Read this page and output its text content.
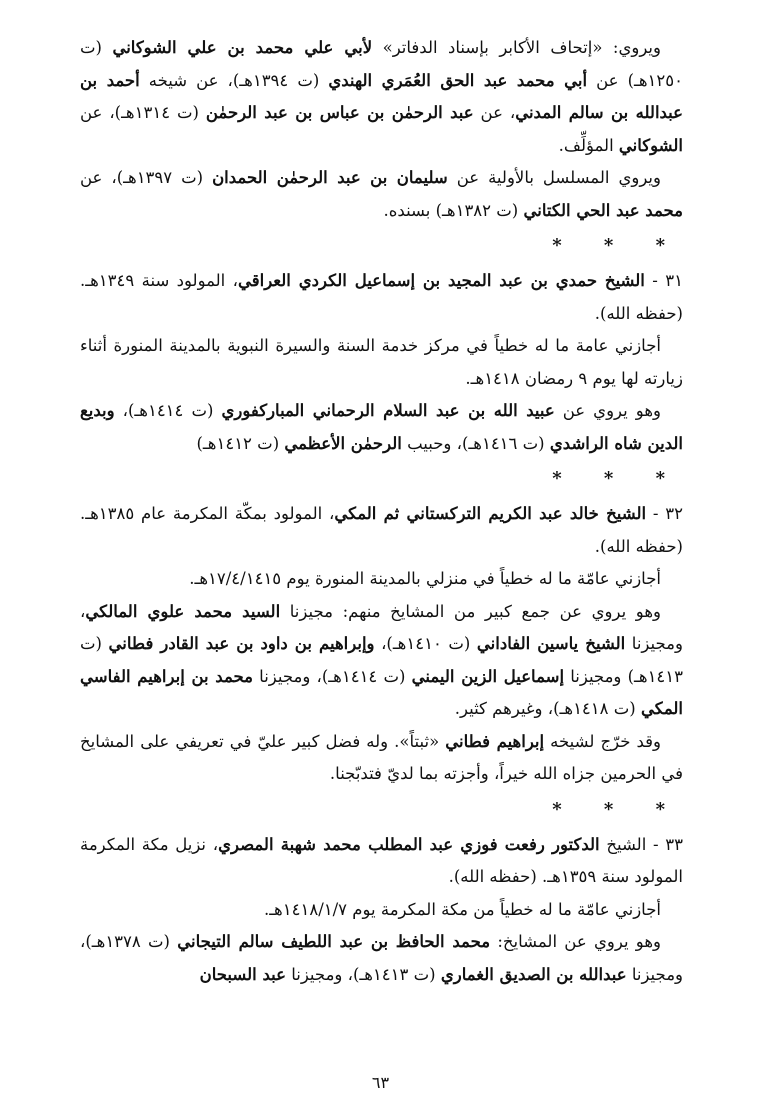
ويروي: «إتحاف الأكابر بإسناد الدفاتر» لأبي علي محمد بن علي الشوكاني (ت ١٢٥٠هـ) عن أبي محمد عبد الحق العُمَري الهندي (ت ١٣٩٤هـ)، عن شيخه أحمد بن عبدالله بن سالم المدني، عن عبد الرحمٰن بن عباس بن عبد الرحمٰن (ت ١٣١٤هـ)، عن الشوكاني المؤلِّف.

ويروي المسلسل بالأولية عن سليمان بن عبد الرحمٰن الحمدان (ت ١٣٩٧هـ)، عن محمد عبد الحي الكتاني (ت ١٣٨٢هـ) بسنده.

* * *

٣١ - الشيخ حمدي بن عبد المجيد بن إسماعيل الكردي العراقي، المولود سنة ١٣٤٩هـ. (حفظه الله).

أجازني عامة ما له خطياً في مركز خدمة السنة والسيرة النبوية بالمدينة المنورة أثناء زيارته لها يوم ٩ رمضان ١٤١٨هـ.

وهو يروي عن عبيد الله بن عبد السلام الرحماني المباركفوري (ت ١٤١٤هـ)، وبديع الدين شاه الراشدي (ت ١٤١٦هـ)، وحبيب الرحمٰن الأعظمي (ت ١٤١٢هـ)

* * *

٣٢ - الشيخ خالد عبد الكريم التركستاني ثم المكي، المولود بمكّة المكرمة عام ١٣٨٥هـ. (حفظه الله).

أجازني عامّة ما له خطياً في منزلي بالمدينة المنورة يوم ١٧/٤/١٤١٥هـ.

وهو يروي عن جمع كبير من المشايخ منهم: مجيزنا السيد محمد علوي المالكي، ومجيزنا الشيخ ياسين الفاداني (ت ١٤١٠هـ)، وإبراهيم بن داود بن عبد القادر فطاني (ت ١٤١٣هـ) ومجيزنا إسماعيل الزين اليمني (ت ١٤١٤هـ)، ومجيزنا محمد بن إبراهيم الفاسي المكي (ت ١٤١٨هـ)، وغيرهم كثير.

وقد خرّج لشيخه إبراهيم فطاني «ثبتاً». وله فضل كبير عليّ في تعريفي على المشايخ في الحرمين جزاه الله خيراً، وأجزته بما لديّ فتدبّجنا.

* * *

٣٣ - الشيخ الدكتور رفعت فوزي عبد المطلب محمد شهبة المصري، نزيل مكة المكرمة المولود سنة ١٣٥٩هـ. (حفظه الله).

أجازني عامّة ما له خطياً من مكة المكرمة يوم ١٤١٨/١/٧هـ.

وهو يروي عن المشايخ: محمد الحافظ بن عبد اللطيف سالم التيجاني (ت ١٣٧٨هـ)، ومجيزنا عبدالله بن الصديق الغماري (ت ١٤١٣هـ)، ومجيزنا عبد السبحان

٦٣
